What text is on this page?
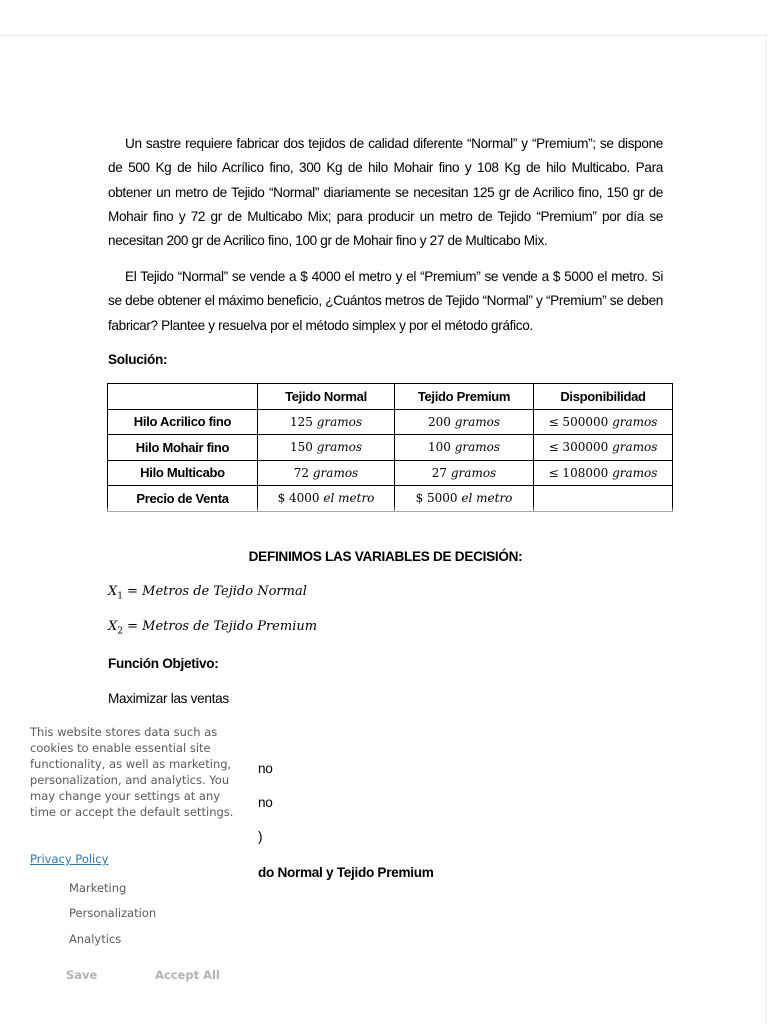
Un sastre requiere fabricar dos tejidos de calidad diferente “Normal” y “Premium”; se dispone de 500 Kg de hilo Acrílico fino, 300 Kg de hilo Mohair fino y 108 Kg de hilo Multicabo. Para obtener un metro de Tejido “Normal” diariamente se necesitan 125 gr de Acrilico fino, 150 gr de Mohair fino y 72 gr de Multicabo Mix; para producir un metro de Tejido “Premium” por día se necesitan 200 gr de Acrilico fino, 100 gr de Mohair fino y 27 de Multicabo Mix.

El Tejido “Normal” se vende a $ 4000 el metro y el “Premium” se vende a $ 5000 el metro. Si se debe obtener el máximo beneficio, ¿Cuántos metros de Tejido “Normal” y “Premium” se deben fabricar? Plantee y resuelva por el método simplex y por el método gráfico.

Solución:
	Tejido Normal	Tejido Premium	Disponibilidad
Hilo Acrilico fino	125 gramos	200 gramos	≤ 500000 gramos
Hilo Mohair fino	150 gramos	100 gramos	≤ 300000 gramos
Hilo Multicabo	72 gramos	27 gramos	≤ 108000 gramos
Precio de Venta	$ 4000 el metro	$ 5000 el metro	
DEFINIMOS LAS VARIABLES DE DECISIÓN:
$X_1$ = Metros de Tejido Normal
$X_2$ = Metros de Tejido Premium
Función Objetivo:
Maximizar las ventas
no
no
)
do Normal y Tejido Premium
This website stores data such as cookies to enable essential site functionality, as well as marketing, personalization, and analytics. You may change your settings at any time or accept the default settings.
Privacy Policy
Marketing
Personalization
Analytics
Save	Accept All
